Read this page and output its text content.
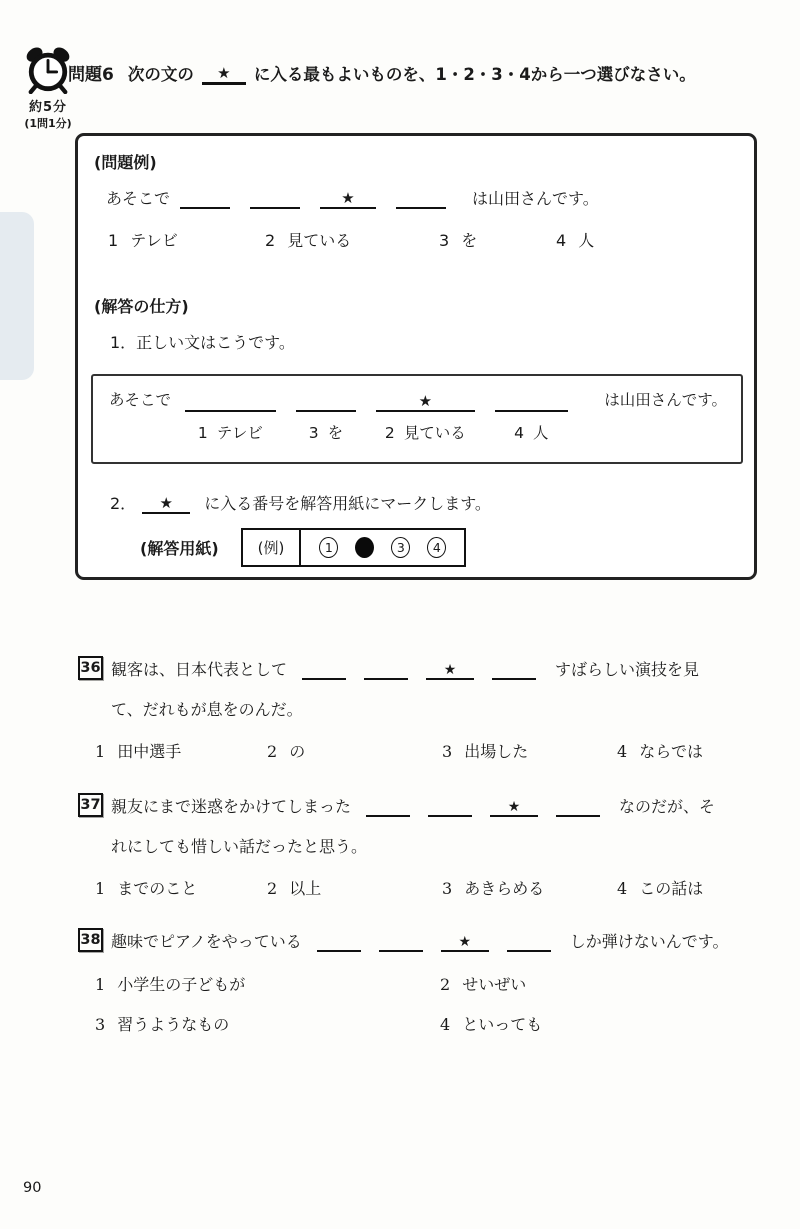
約5分
(1問1分)
問題6 次の文の	★	に入る最もよいものを、1・2・3・4から一つ選びなさい。
(問題例)
あそこで	★	は山田さんです。
1 テレビ	2 見ている	3 を	4 人
(解答の仕方)
1．正しい文はこうです。
あそこで
1 テレビ	3 を
★
2 見ている	4 人
は山田さんです。
2．	★	に入る番号を解答用紙にマークします。
(解答用紙)	(例)	1	3 4
36 観客は、日本代表として	★	すばらしい演技を見
て、だれもが息をのんだ。
1 田中選手	2 の	3 出場した	4 ならでは
37 親友にまで迷惑をかけてしまった	★	なのだが、そ
れにしても惜しい話だったと思う。
1 までのこと	2 以上	3 あきらめる	4 この話は
38 趣味でピアノをやっている	★	しか弾けないんです。
1 小学生の子どもが	2 せいぜい
3 習うようなもの	4 といっても
90
